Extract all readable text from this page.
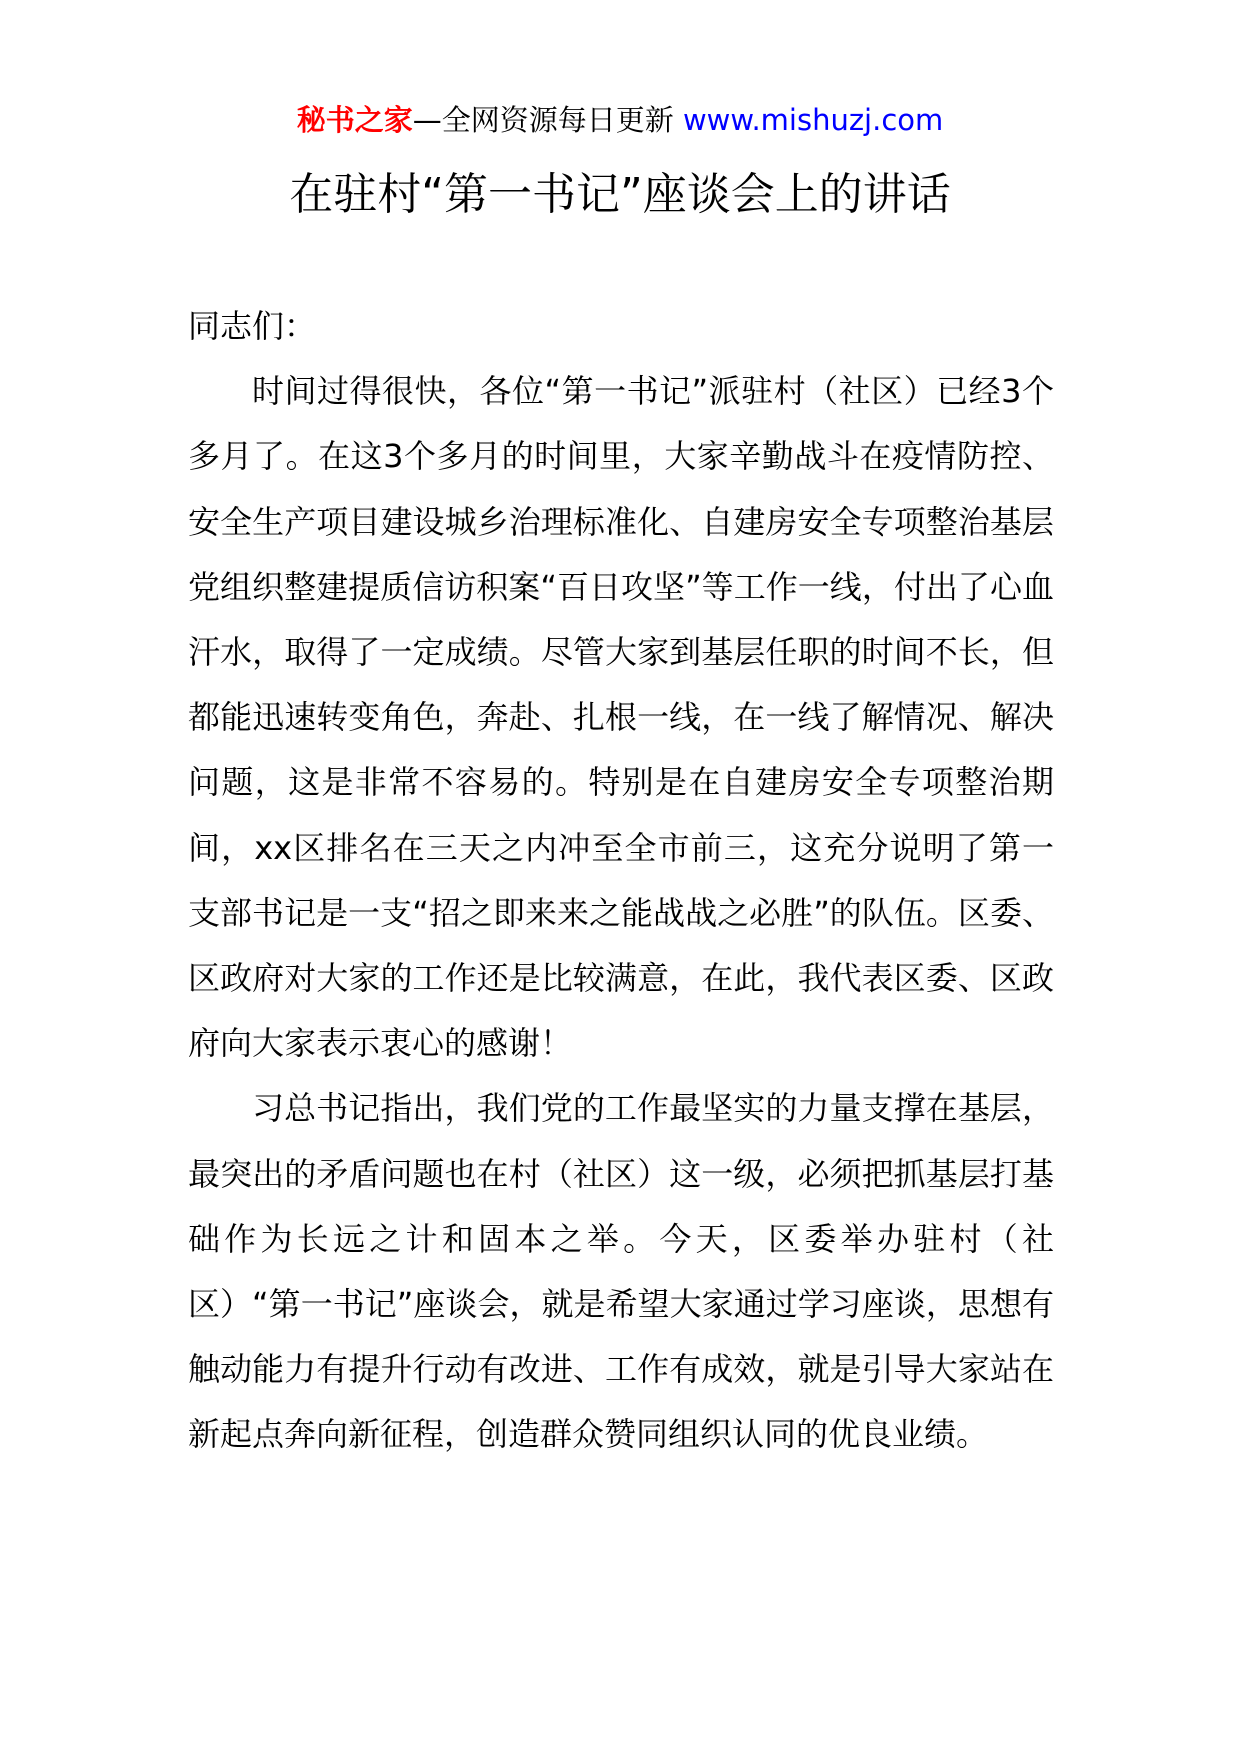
秘书之家—全网资源每日更新 www.mishuzj.com
在驻村“第一书记”座谈会上的讲话

同志们：

时间过得很快，各位“第一书记”派驻村（社区）已经3个多月了。在这3个多月的时间里，大家辛勤战斗在疫情防控、安全生产项目建设城乡治理标准化、自建房安全专项整治基层党组织整建提质信访积案“百日攻坚”等工作一线，付出了心血汗水，取得了一定成绩。尽管大家到基层任职的时间不长，但都能迅速转变角色，奔赴、扎根一线，在一线了解情况、解决问题，这是非常不容易的。特别是在自建房安全专项整治期间，xx区排名在三天之内冲至全市前三，这充分说明了第一支部书记是一支“招之即来来之能战战之必胜”的队伍。区委、区政府对大家的工作还是比较满意，在此，我代表区委、区政府向大家表示衷心的感谢！

习总书记指出，我们党的工作最坚实的力量支撑在基层，最突出的矛盾问题也在村（社区）这一级，必须把抓基层打基础作为长远之计和固本之举。今天，区委举办驻村（社区）“第一书记”座谈会，就是希望大家通过学习座谈，思想有触动能力有提升行动有改进、工作有成效，就是引导大家站在新起点奔向新征程，创造群众赞同组织认同的优良业绩。
